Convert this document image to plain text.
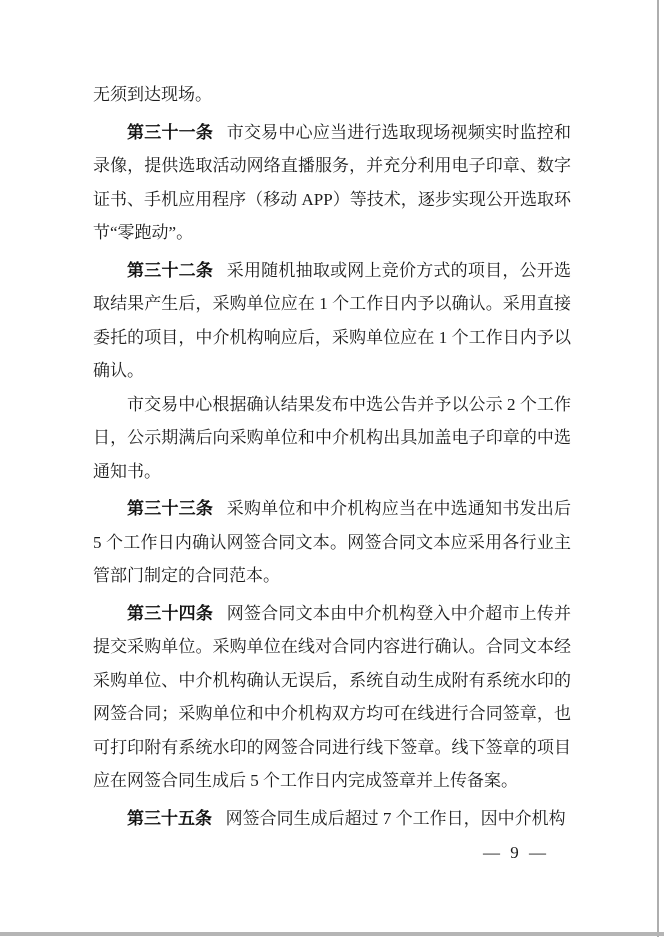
无须到达现场。

第三十一条 市交易中心应当进行选取现场视频实时监控和录像，提供选取活动网络直播服务，并充分利用电子印章、数字证书、手机应用程序（移动 APP）等技术，逐步实现公开选取环节“零跑动”。

第三十二条 采用随机抽取或网上竞价方式的项目，公开选取结果产生后，采购单位应在 1 个工作日内予以确认。采用直接委托的项目，中介机构响应后，采购单位应在 1 个工作日内予以确认。

市交易中心根据确认结果发布中选公告并予以公示 2 个工作日，公示期满后向采购单位和中介机构出具加盖电子印章的中选通知书。

第三十三条 采购单位和中介机构应当在中选通知书发出后 5 个工作日内确认网签合同文本。网签合同文本应采用各行业主管部门制定的合同范本。

第三十四条 网签合同文本由中介机构登入中介超市上传并提交采购单位。采购单位在线对合同内容进行确认。合同文本经采购单位、中介机构确认无误后，系统自动生成附有系统水印的网签合同；采购单位和中介机构双方均可在线进行合同签章，也可打印附有系统水印的网签合同进行线下签章。线下签章的项目应在网签合同生成后 5 个工作日内完成签章并上传备案。

第三十五条 网签合同生成后超过 7 个工作日，因中介机构

— 9 —
